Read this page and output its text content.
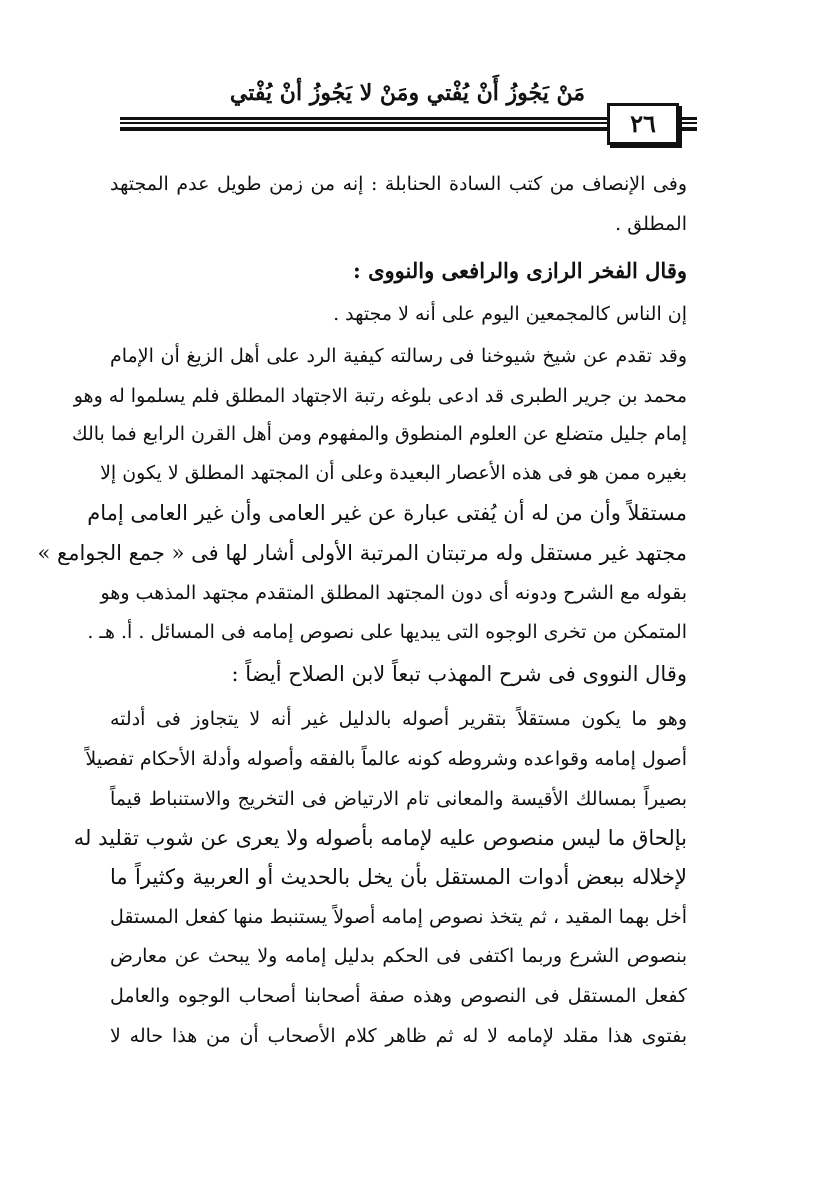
مَنْ يَجُوزُ أَنْ يُفْتي ومَنْ لا يَجُوزُ أنْ يُفْتي
٢٦
وفى الإنصاف من كتب السادة الحنابلة : إنه من زمن طويل عدم المجتهد
المطلق .
وقال الفخر الرازى والرافعى والنووى :
إن الناس كالمجمعين اليوم على أنه لا مجتهد .
وقد تقدم عن شيخ شيوخنا فى رسالته كيفية الرد على أهل الزيغ أن الإمام
محمد بن جرير الطبرى قد ادعى بلوغه رتبة الاجتهاد المطلق فلم يسلموا له وهو
إمام جليل متضلع عن العلوم المنطوق والمفهوم ومن أهل القرن الرابع فما بالك
بغيره ممن هو فى هذه الأعصار البعيدة وعلى أن المجتهد المطلق لا يكون إلا
مستقلاً وأن من له أن يُفتى عبارة عن غير العامى وأن غير العامى إمام
مجتهد غير مستقل وله مرتبتان المرتبة الأولى أشار لها فى « جمع الجوامع »
بقوله مع الشرح ودونه أى دون المجتهد المطلق المتقدم مجتهد المذهب وهو
المتمكن من تخرى الوجوه التى يبديها على نصوص إمامه فى المسائل . أ. هـ .
وقال النووى فى شرح المهذب تبعاً لابن الصلاح أيضاً :
وهو ما يكون مستقلاً بتقرير أصوله بالدليل غير أنه لا يتجاوز فى أدلته
أصول إمامه وقواعده وشروطه كونه عالماً بالفقه وأصوله وأدلة الأحكام تفصيلاً
بصيراً بمسالك الأقيسة والمعانى تام الارتياض فى التخريج والاستنباط قيماً
بإلحاق ما ليس منصوص عليه لإمامه بأصوله ولا يعرى عن شوب تقليد له
لإخلاله ببعض أدوات المستقل بأن يخل بالحديث أو العربية وكثيراً ما
أخل بهما المقيد ، ثم يتخذ نصوص إمامه أصولاً يستنبط منها كفعل المستقل
بنصوص الشرع وربما اكتفى فى الحكم بدليل إمامه ولا يبحث عن معارض
كفعل المستقل فى النصوص وهذه صفة أصحابنا أصحاب الوجوه والعامل
بفتوى هذا مقلد لإمامه لا له ثم ظاهر كلام الأصحاب أن من هذا حاله لا
